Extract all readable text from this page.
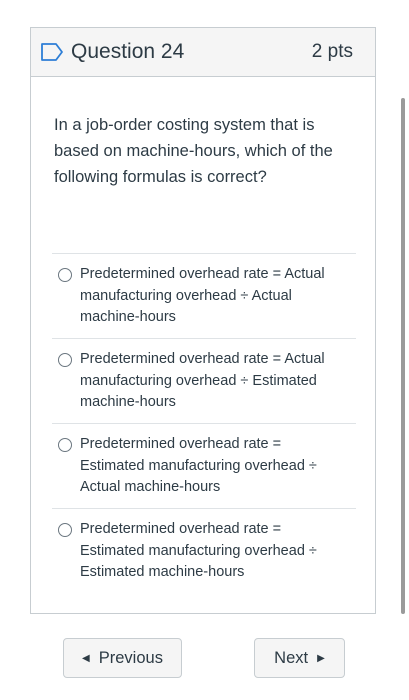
Question 24	2 pts
In a job-order costing system that is based on machine-hours, which of the following formulas is correct?
Predetermined overhead rate = Actual manufacturing overhead ÷ Actual machine-hours
Predetermined overhead rate = Actual manufacturing overhead ÷ Estimated machine-hours
Predetermined overhead rate = Estimated manufacturing overhead ÷ Actual machine-hours
Predetermined overhead rate = Estimated manufacturing overhead ÷ Estimated machine-hours
◀ Previous	Next ▶
